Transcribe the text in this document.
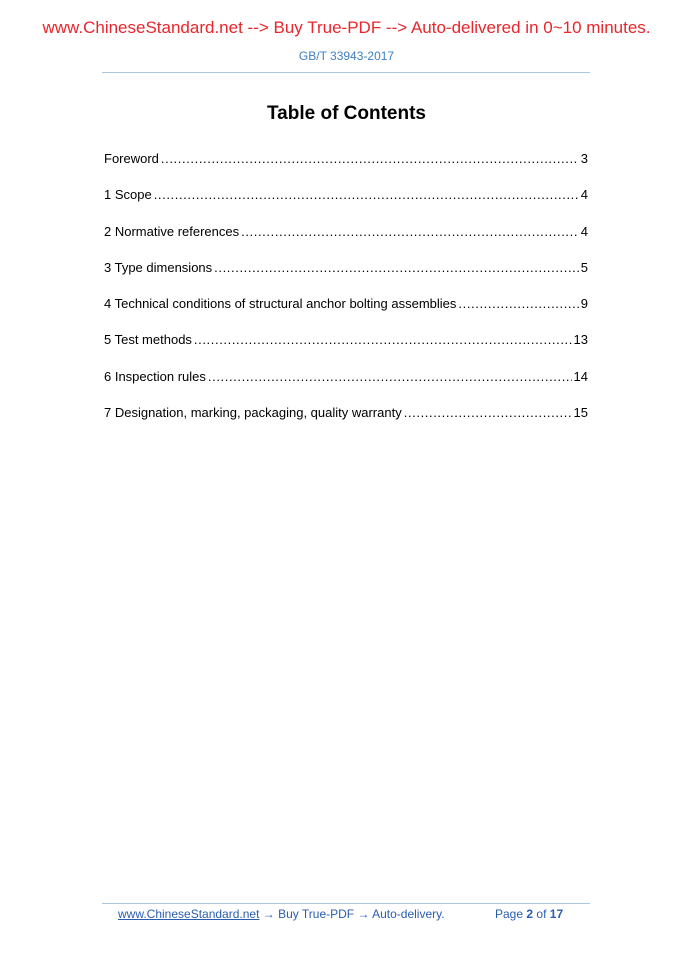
www.ChineseStandard.net --> Buy True-PDF --> Auto-delivered in 0~10 minutes.
GB/T 33943-2017
Table of Contents
Foreword .....	3
1 Scope .....	4
2 Normative references .....	4
3 Type dimensions .....	5
4 Technical conditions of structural anchor bolting assemblies .....	9
5 Test methods .....	13
6 Inspection rules .....	14
7 Designation, marking, packaging, quality warranty .....	15
www.ChineseStandard.net → Buy True-PDF → Auto-delivery.	Page 2 of 17
